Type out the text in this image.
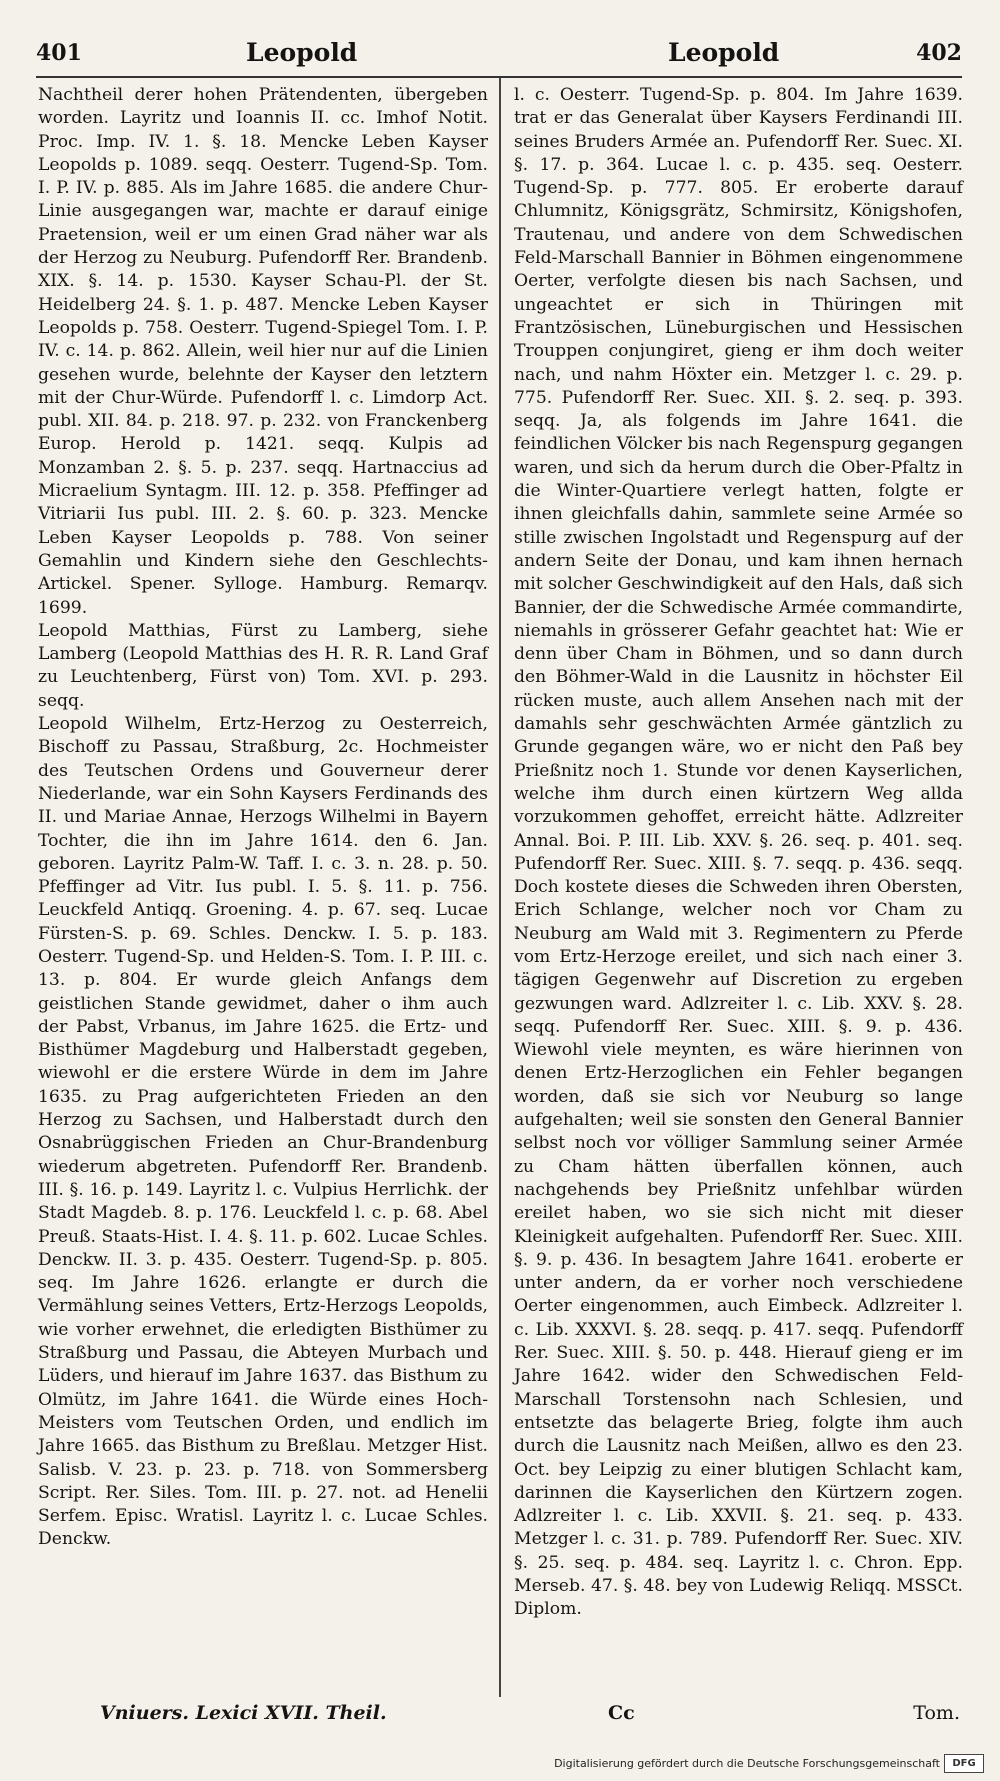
401	Leopold	Leopold	402

Nachtheil derer hohen Prätendenten, übergeben worden. Layritz und Ioannis II. cc. Imhof Notit. Proc. Imp. IV. 1. §. 18. Mencke Leben Kayser Leopolds p. 1089. seqq. Oesterr. Tugend-Sp. Tom. I. P. IV. p. 885. Als im Jahre 1685. die andere Chur-Linie ausgegangen war, machte er darauf einige Praetension, weil er um einen Grad näher war als der Herzog zu Neuburg. Pufendorff Rer. Brandenb. XIX. §. 14. p. 1530. Kayser Schau-Pl. der St. Heidelberg 24. §. 1. p. 487. Mencke Leben Kayser Leopolds p. 758. Oesterr. Tugend-Spiegel Tom. I. P. IV. c. 14. p. 862. Allein, weil hier nur auf die Linien gesehen wurde, belehnte der Kayser den letztern mit der Chur-Würde. Pufendorff l. c. Limdorp Act. publ. XII. 84. p. 218. 97. p. 232. von Franckenberg Europ. Herold p. 1421. seqq. Kulpis ad Monzamban 2. §. 5. p. 237. seqq. Hartnaccius ad Micraelium Syntagm. III. 12. p. 358. Pfeffinger ad Vitriarii Ius publ. III. 2. §. 60. p. 323. Mencke Leben Kayser Leopolds p. 788. Von seiner Gemahlin und Kindern siehe den Geschlechts-Artickel. Spener. Syllogе. Hamburg. Remarqv. 1699.

Leopold Matthias, Fürst zu Lamberg, siehe Lamberg (Leopold Matthias des H. R. R. Land Graf zu Leuchtenberg, Fürst von) Tom. XVI. p. 293. seqq.

Leopold Wilhelm, Ertz-Herzog zu Oesterreich, Bischoff zu Passau, Straßburg, 2c. Hochmeister des Teutschen Ordens und Gouverneur derer Niederlande, war ein Sohn Kaysers Ferdinands des II. und Mariae Annae, Herzogs Wilhelmi in Bayern Tochter, die ihn im Jahre 1614. den 6. Jan. geboren. Layritz Palm-W. Taff. I. c. 3. n. 28. p. 50. Pfeffinger ad Vitr. Ius publ. I. 5. §. 11. p. 756. Leuckfeld Antiqq. Groening. 4. p. 67. seq. Lucae Fürsten-S. p. 69. Schles. Denckw. I. 5. p. 183. Oesterr. Tugend-Sp. und Helden-S. Tom. I. P. III. c. 13. p. 804. Er wurde gleich Anfangs dem geistlichen Stande gewidmet, daher o ihm auch der Pabst, Vrbanus, im Jahre 1625. die Ertz- und Bisthümer Magdeburg und Halberstadt gegeben, wiewohl er die erstere Würde in dem im Jahre 1635. zu Prag aufgerichteten Frieden an den Herzog zu Sachsen, und Halberstadt durch den Osnabrüggischen Frieden an Chur-Brandenburg wiederum abgetreten. Pufendorff Rer. Brandenb. III. §. 16. p. 149. Layritz l. c. Vulpius Herrlichk. der Stadt Magdeb. 8. p. 176. Leuckfeld l. c. p. 68. Abel Preuß. Staats-Hist. I. 4. §. 11. p. 602. Lucae Schles. Denckw. II. 3. p. 435. Oesterr. Tugend-Sp. p. 805. seq. Im Jahre 1626. erlangte er durch die Vermählung seines Vetters, Ertz-Herzogs Leopolds, wie vorher erwehnet, die erledigten Bisthümer zu Straßburg und Passau, die Abteyen Murbach und Lüders, und hierauf im Jahre 1637. das Bisthum zu Olmütz, im Jahre 1641. die Würde eines Hoch-Meisters vom Teutschen Orden, und endlich im Jahre 1665. das Bisthum zu Breßlau. Metzger Hist. Salisb. V. 23. p. 23. p. 718. von Sommersberg Script. Rer. Siles. Tom. III. p. 27. not. ad Henelii Serfem. Episc. Wratisl. Layritz l. c. Lucae Schles. Denckw.

l. c. Oesterr. Tugend-Sp. p. 804. Im Jahre 1639. trat er das Generalat über Kaysers Ferdinandi III. seines Bruders Armée an. Pufendorff Rer. Suec. XI. §. 17. p. 364. Lucae l. c. p. 435. seq. Oesterr. Tugend-Sp. p. 777. 805. Er eroberte darauf Chlumnitz, Königsgrätz, Schmirsitz, Königshofen, Trautenau, und andere von dem Schwedischen Feld-Marschall Bannier in Böhmen eingenommene Oerter, verfolgte diesen bis nach Sachsen, und ungeachtet er sich in Thüringen mit Frantzösischen, Lüneburgischen und Hessischen Trouppen conjungiret, gieng er ihm doch weiter nach, und nahm Höxter ein. Metzger l. c. 29. p. 775. Pufendorff Rer. Suec. XII. §. 2. seq. p. 393. seqq. Ja, als folgends im Jahre 1641. die feindlichen Völcker bis nach Regenspurg gegangen waren, und sich da herum durch die Ober-Pfaltz in die Winter-Quartiere verlegt hatten, folgte er ihnen gleichfalls dahin, sammlete seine Armée so stille zwischen Ingolstadt und Regenspurg auf der andern Seite der Donau, und kam ihnen hernach mit solcher Geschwindigkeit auf den Hals, daß sich Bannier, der die Schwedische Armée commandirte, niemahls in grösserer Gefahr geachtet hat: Wie er denn über Cham in Böhmen, und so dann durch den Böhmer-Wald in die Lausnitz in höchster Eil rücken muste, auch allem Ansehen nach mit der damahls sehr geschwächten Armée gäntzlich zu Grunde gegangen wäre, wo er nicht den Paß bey Prießnitz noch 1. Stunde vor denen Kayserlichen, welche ihm durch einen kürtzern Weg allda vorzukommen gehoffet, erreicht hätte. Adlzreiter Annal. Boi. P. III. Lib. XXV. §. 26. seq. p. 401. seq. Pufendorff Rer. Suec. XIII. §. 7. seqq. p. 436. seqq. Doch kostete dieses die Schweden ihren Obersten, Erich Schlange, welcher noch vor Cham zu Neuburg am Wald mit 3. Regimentern zu Pferde vom Ertz-Herzoge ereilet, und sich nach einer 3. tägigen Gegenwehr auf Discretion zu ergeben gezwungen ward. Adlzreiter l. c. Lib. XXV. §. 28. seqq. Pufendorff Rer. Suec. XIII. §. 9. p. 436. Wiewohl viele meynten, es wäre hierinnen von denen Ertz-Herzoglichen ein Fehler begangen worden, daß sie sich vor Neuburg so lange aufgehalten; weil sie sonsten den General Bannier selbst noch vor völliger Sammlung seiner Armée zu Cham hätten überfallen können, auch nachgehends bey Prießnitz unfehlbar würden ereilet haben, wo sie sich nicht mit dieser Kleinigkeit aufgehalten. Pufendorff Rer. Suec. XIII. §. 9. p. 436. In besagtem Jahre 1641. eroberte er unter andern, da er vorher noch verschiedene Oerter eingenommen, auch Eimbeck. Adlzreiter l. c. Lib. XXXVI. §. 28. seqq. p. 417. seqq. Pufendorff Rer. Suec. XIII. §. 50. p. 448. Hierauf gieng er im Jahre 1642. wider den Schwedischen Feld-Marschall Torstensohn nach Schlesien, und entsetzte das belagerte Brieg, folgte ihm auch durch die Lausnitz nach Meißen, allwo es den 23. Oct. bey Leipzig zu einer blutigen Schlacht kam, darinnen die Kayserlichen den Kürtzern zogen. Adlzreiter l. c. Lib. XXVII. §. 21. seq. p. 433. Metzger l. c. 31. p. 789. Pufendorff Rer. Suec. XIV. §. 25. seq. p. 484. seq. Layritz l. c. Chron. Epp. Merseb. 47. §. 48. bey von Ludewig Reliqq. MSSCt. Diplom.

Vniuers. Lexici XVII. Theil.	Cc	Tom.
Digitalisierung gefördert durch die Deutsche Forschungsgemeinschaft	DFG
